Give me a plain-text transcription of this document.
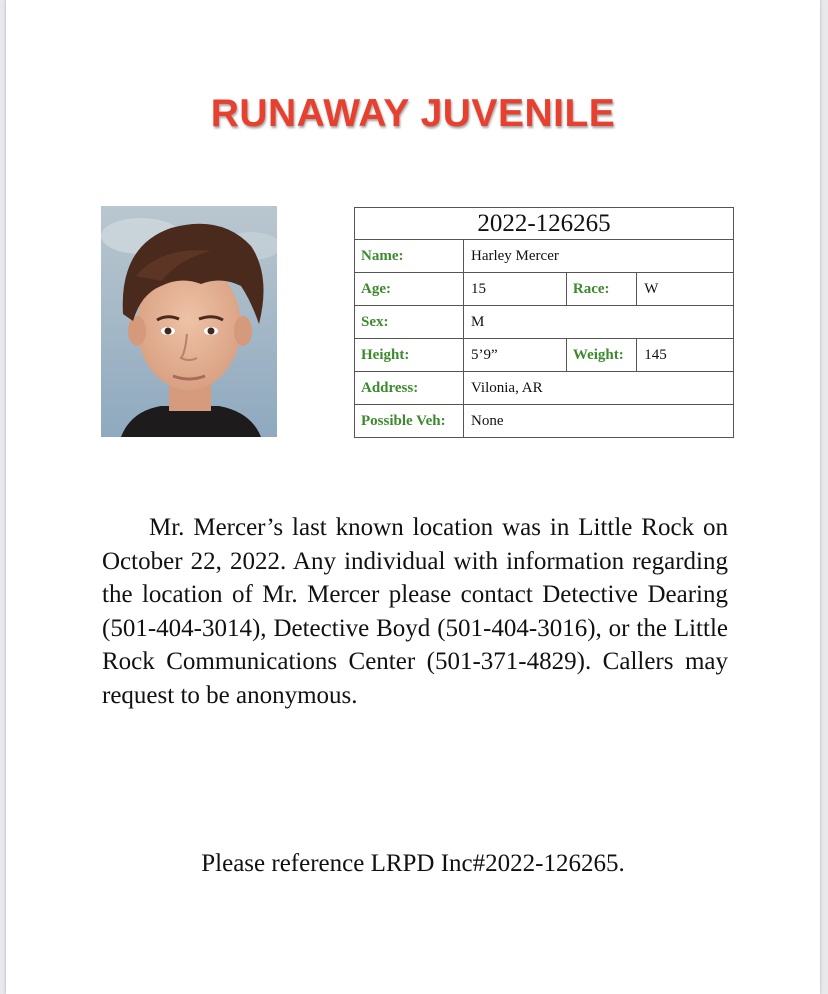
RUNAWAY JUVENILE
2022-126265			
Name:	Harley Mercer		
Age:	15	Race:	W
Sex:	M		
Height:	5’9”	Weight:	145
Address:	Vilonia, AR		
Possible Veh:	None		

Mr. Mercer’s last known location was in Little Rock on October 22, 2022. Any individual with information regarding the location of Mr. Mercer please contact Detective Dearing (501-404-3014), Detective Boyd (501-404-3016), or the Little Rock Communications Center (501-371-4829). Callers may request to be anonymous.

Please reference LRPD Inc#2022-126265.
